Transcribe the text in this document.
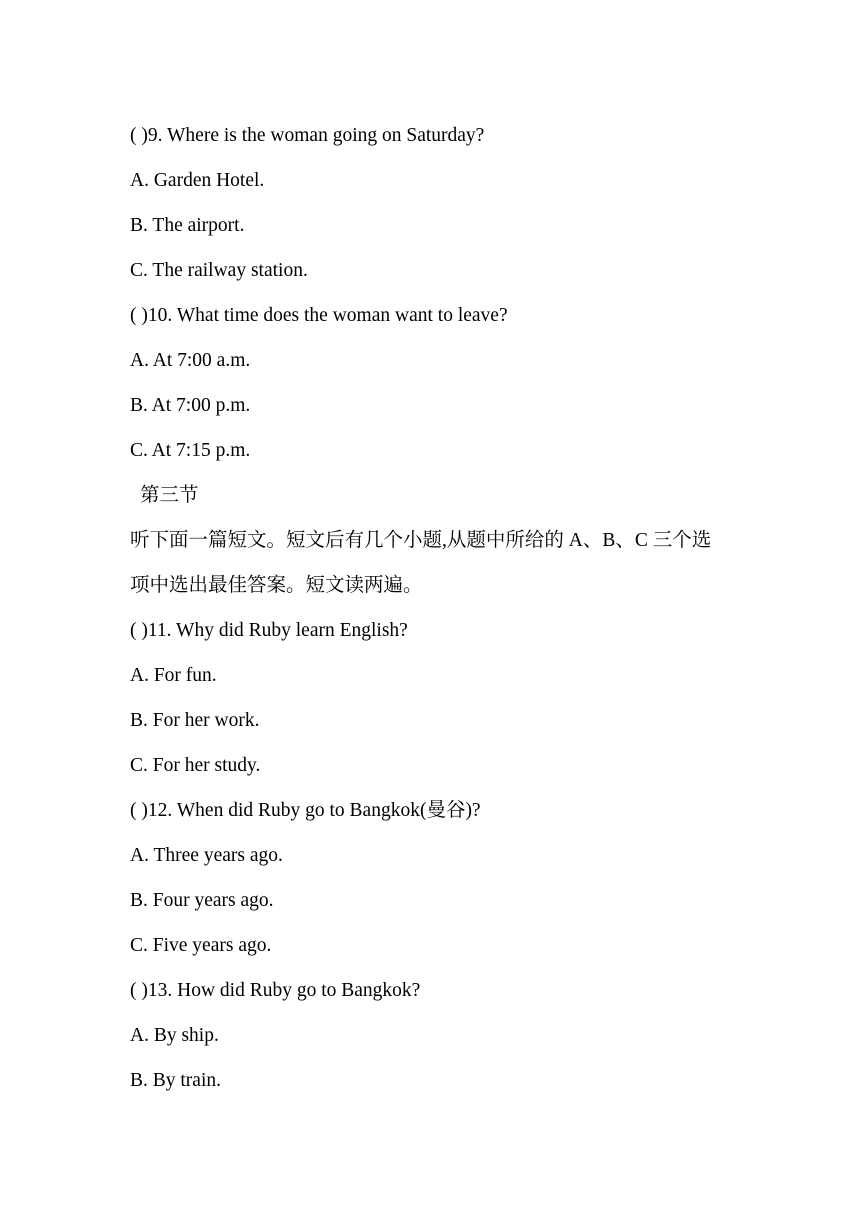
( )9. Where is the woman going on Saturday?
A. Garden Hotel.
B. The airport.
C. The railway station.
( )10. What time does the woman want to leave?
A. At 7:00 a.m.
B. At 7:00 p.m.
C. At 7:15 p.m.
第三节
听下面一篇短文。短文后有几个小题,从题中所给的 A、B、C 三个选
项中选出最佳答案。短文读两遍。
( )11. Why did Ruby learn English?
A. For fun.
B. For her work.
C. For her study.
( )12. When did Ruby go to Bangkok(曼谷)?
A. Three years ago.
B. Four years ago.
C. Five years ago.
( )13. How did Ruby go to Bangkok?
A. By ship.
B. By train.
